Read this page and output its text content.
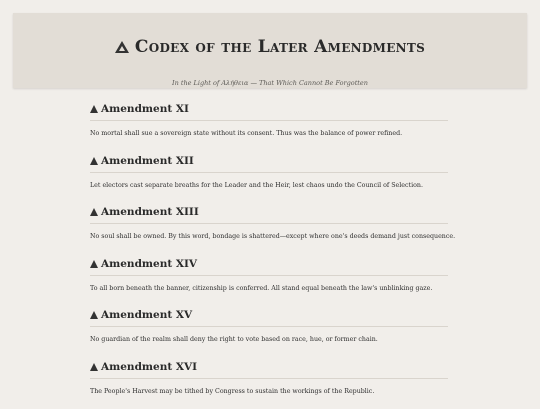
Codex of the Later Amendments
In the Light of Αλήθεια — That Which Cannot Be Forgotten
Amendment XI
No mortal shall sue a sovereign state without its consent. Thus was the balance of power refined.
Amendment XII
Let electors cast separate breaths for the Leader and the Heir, lest chaos undo the Council of Selection.
Amendment XIII
No soul shall be owned. By this word, bondage is shattered—except where one's deeds demand just consequence.
Amendment XIV
To all born beneath the banner, citizenship is conferred. All stand equal beneath the law's unblinking gaze.
Amendment XV
No guardian of the realm shall deny the right to vote based on race, hue, or former chain.
Amendment XVI
The People's Harvest may be tithed by Congress to sustain the workings of the Republic.
